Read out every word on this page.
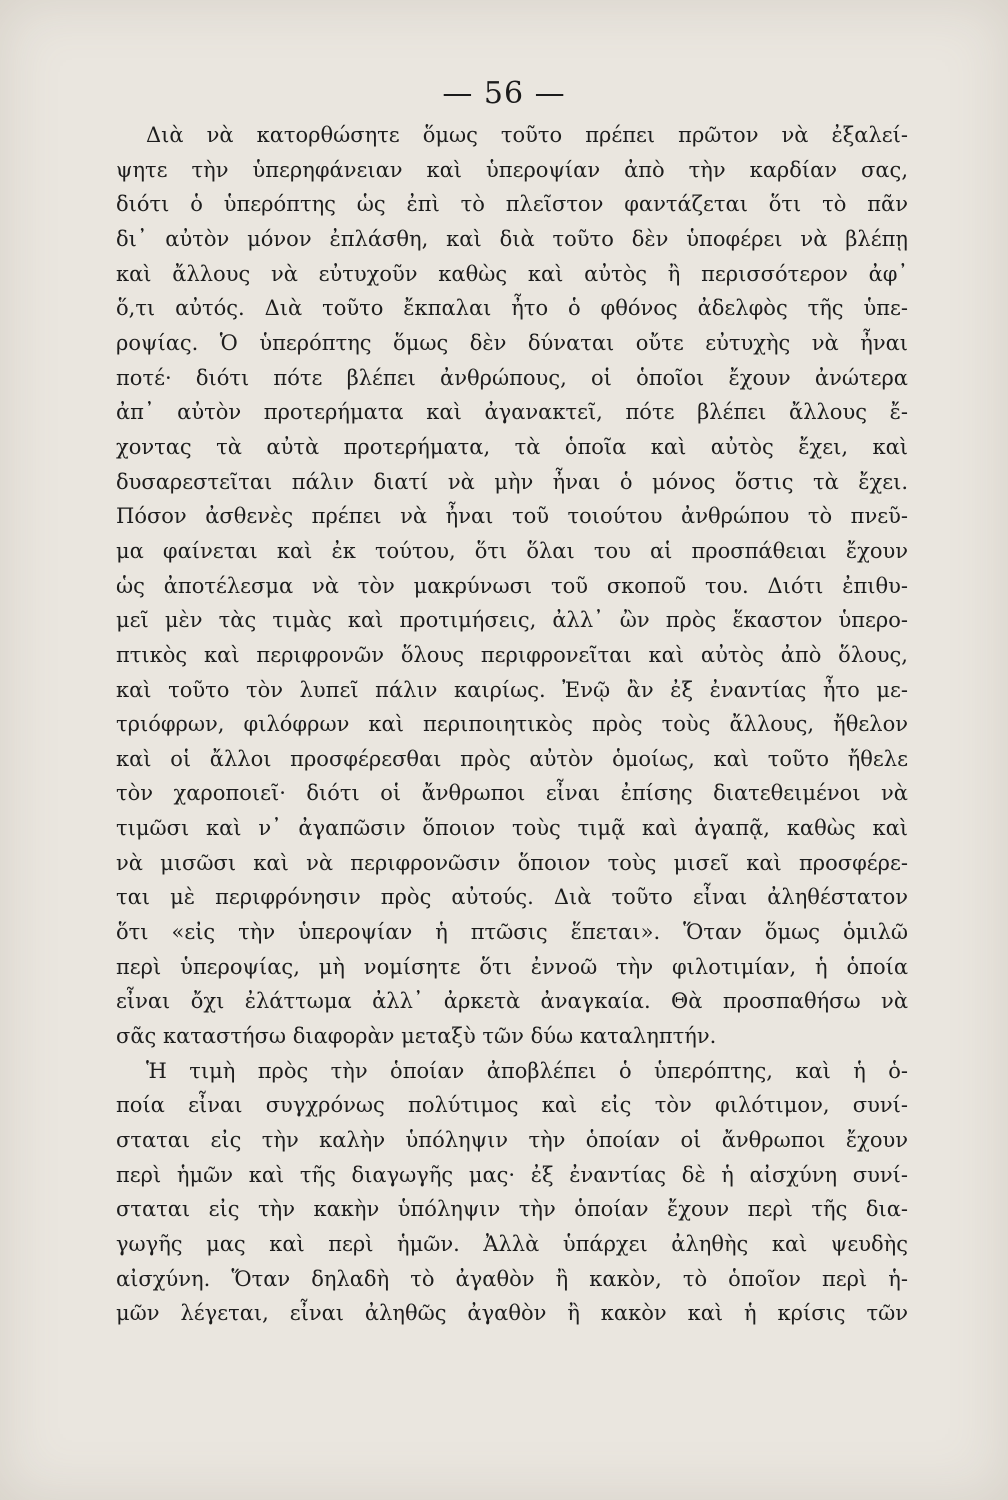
— 56 —
Διὰ νὰ κατορθώσητε ὅμως τοῦτο πρέπει πρῶτον νὰ ἐξαλεί-
ψητε τὴν ὑπερηφάνειαν καὶ ὑπεροψίαν ἀπὸ τὴν καρδίαν σας,
διότι ὁ ὑπερόπτης ὡς ἐπὶ τὸ πλεῖστον φαντάζεται ὅτι τὸ πᾶν
δι᾽ αὐτὸν μόνον ἐπλάσθη, καὶ διὰ τοῦτο δὲν ὑποφέρει νὰ βλέπῃ
καὶ ἄλλους νὰ εὐτυχοῦν καθὼς καὶ αὐτὸς ἢ περισσότερον ἀφ᾽
ὅ,τι αὐτός. Διὰ τοῦτο ἔκπαλαι ἦτο ὁ φθόνος ἀδελφὸς τῆς ὑπε-
ροψίας. Ὁ ὑπερόπτης ὅμως δὲν δύναται οὔτε εὐτυχὴς νὰ ἦναι
ποτέ· διότι πότε βλέπει ἀνθρώπους, οἱ ὁποῖοι ἔχουν ἀνώτερα
ἀπ᾽ αὐτὸν προτερήματα καὶ ἀγανακτεῖ, πότε βλέπει ἄλλους ἔ-
χοντας τὰ αὐτὰ προτερήματα, τὰ ὁποῖα καὶ αὐτὸς ἔχει, καὶ
δυσαρεστεῖται πάλιν διατί νὰ μὴν ἦναι ὁ μόνος ὅστις τὰ ἔχει.
Πόσον ἀσθενὲς πρέπει νὰ ἦναι τοῦ τοιούτου ἀνθρώπου τὸ πνεῦ-
μα φαίνεται καὶ ἐκ τούτου, ὅτι ὅλαι του αἱ προσπάθειαι ἔχουν
ὡς ἀποτέλεσμα νὰ τὸν μακρύνωσι τοῦ σκοποῦ του. Διότι ἐπιθυ-
μεῖ μὲν τὰς τιμὰς καὶ προτιμήσεις, ἀλλ᾽ ὢν πρὸς ἕκαστον ὑπερο-
πτικὸς καὶ περιφρονῶν ὅλους περιφρονεῖται καὶ αὐτὸς ἀπὸ ὅλους,
καὶ τοῦτο τὸν λυπεῖ πάλιν καιρίως. Ἐνῷ ἂν ἐξ ἐναντίας ἦτο με-
τριόφρων, φιλόφρων καὶ περιποιητικὸς πρὸς τοὺς ἄλλους, ἤθελον
καὶ οἱ ἄλλοι προσφέρεσθαι πρὸς αὐτὸν ὁμοίως, καὶ τοῦτο ἤθελε
τὸν χαροποιεῖ· διότι οἱ ἄνθρωποι εἶναι ἐπίσης διατεθειμένοι νὰ
τιμῶσι καὶ ν᾽ ἀγαπῶσιν ὅποιον τοὺς τιμᾷ καὶ ἀγαπᾷ, καθὼς καὶ
νὰ μισῶσι καὶ νὰ περιφρονῶσιν ὅποιον τοὺς μισεῖ καὶ προσφέρε-
ται μὲ περιφρόνησιν πρὸς αὐτούς. Διὰ τοῦτο εἶναι ἀληθέστατον
ὅτι «εἰς τὴν ὑπεροψίαν ἡ πτῶσις ἕπεται». Ὅταν ὅμως ὁμιλῶ
περὶ ὑπεροψίας, μὴ νομίσητε ὅτι ἐννοῶ τὴν φιλοτιμίαν, ἡ ὁποία
εἶναι ὄχι ἐλάττωμα ἀλλ᾽ ἀρκετὰ ἀναγκαία. Θὰ προσπαθήσω νὰ
σᾶς καταστήσω διαφορὰν μεταξὺ τῶν δύω καταληπτήν.
Ἡ τιμὴ πρὸς τὴν ὁποίαν ἀποβλέπει ὁ ὑπερόπτης, καὶ ἡ ὁ-
ποία εἶναι συγχρόνως πολύτιμος καὶ εἰς τὸν φιλότιμον, συνί-
σταται εἰς τὴν καλὴν ὑπόληψιν τὴν ὁποίαν οἱ ἄνθρωποι ἔχουν
περὶ ἡμῶν καὶ τῆς διαγωγῆς μας· ἐξ ἐναντίας δὲ ἡ αἰσχύνη συνί-
σταται εἰς τὴν κακὴν ὑπόληψιν τὴν ὁποίαν ἔχουν περὶ τῆς δια-
γωγῆς μας καὶ περὶ ἡμῶν. Ἀλλὰ ὑπάρχει ἀληθὴς καὶ ψευδὴς
αἰσχύνη. Ὅταν δηλαδὴ τὸ ἀγαθὸν ἢ κακὸν, τὸ ὁποῖον περὶ ἡ-
μῶν λέγεται, εἶναι ἀληθῶς ἀγαθὸν ἢ κακὸν καὶ ἡ κρίσις τῶν
